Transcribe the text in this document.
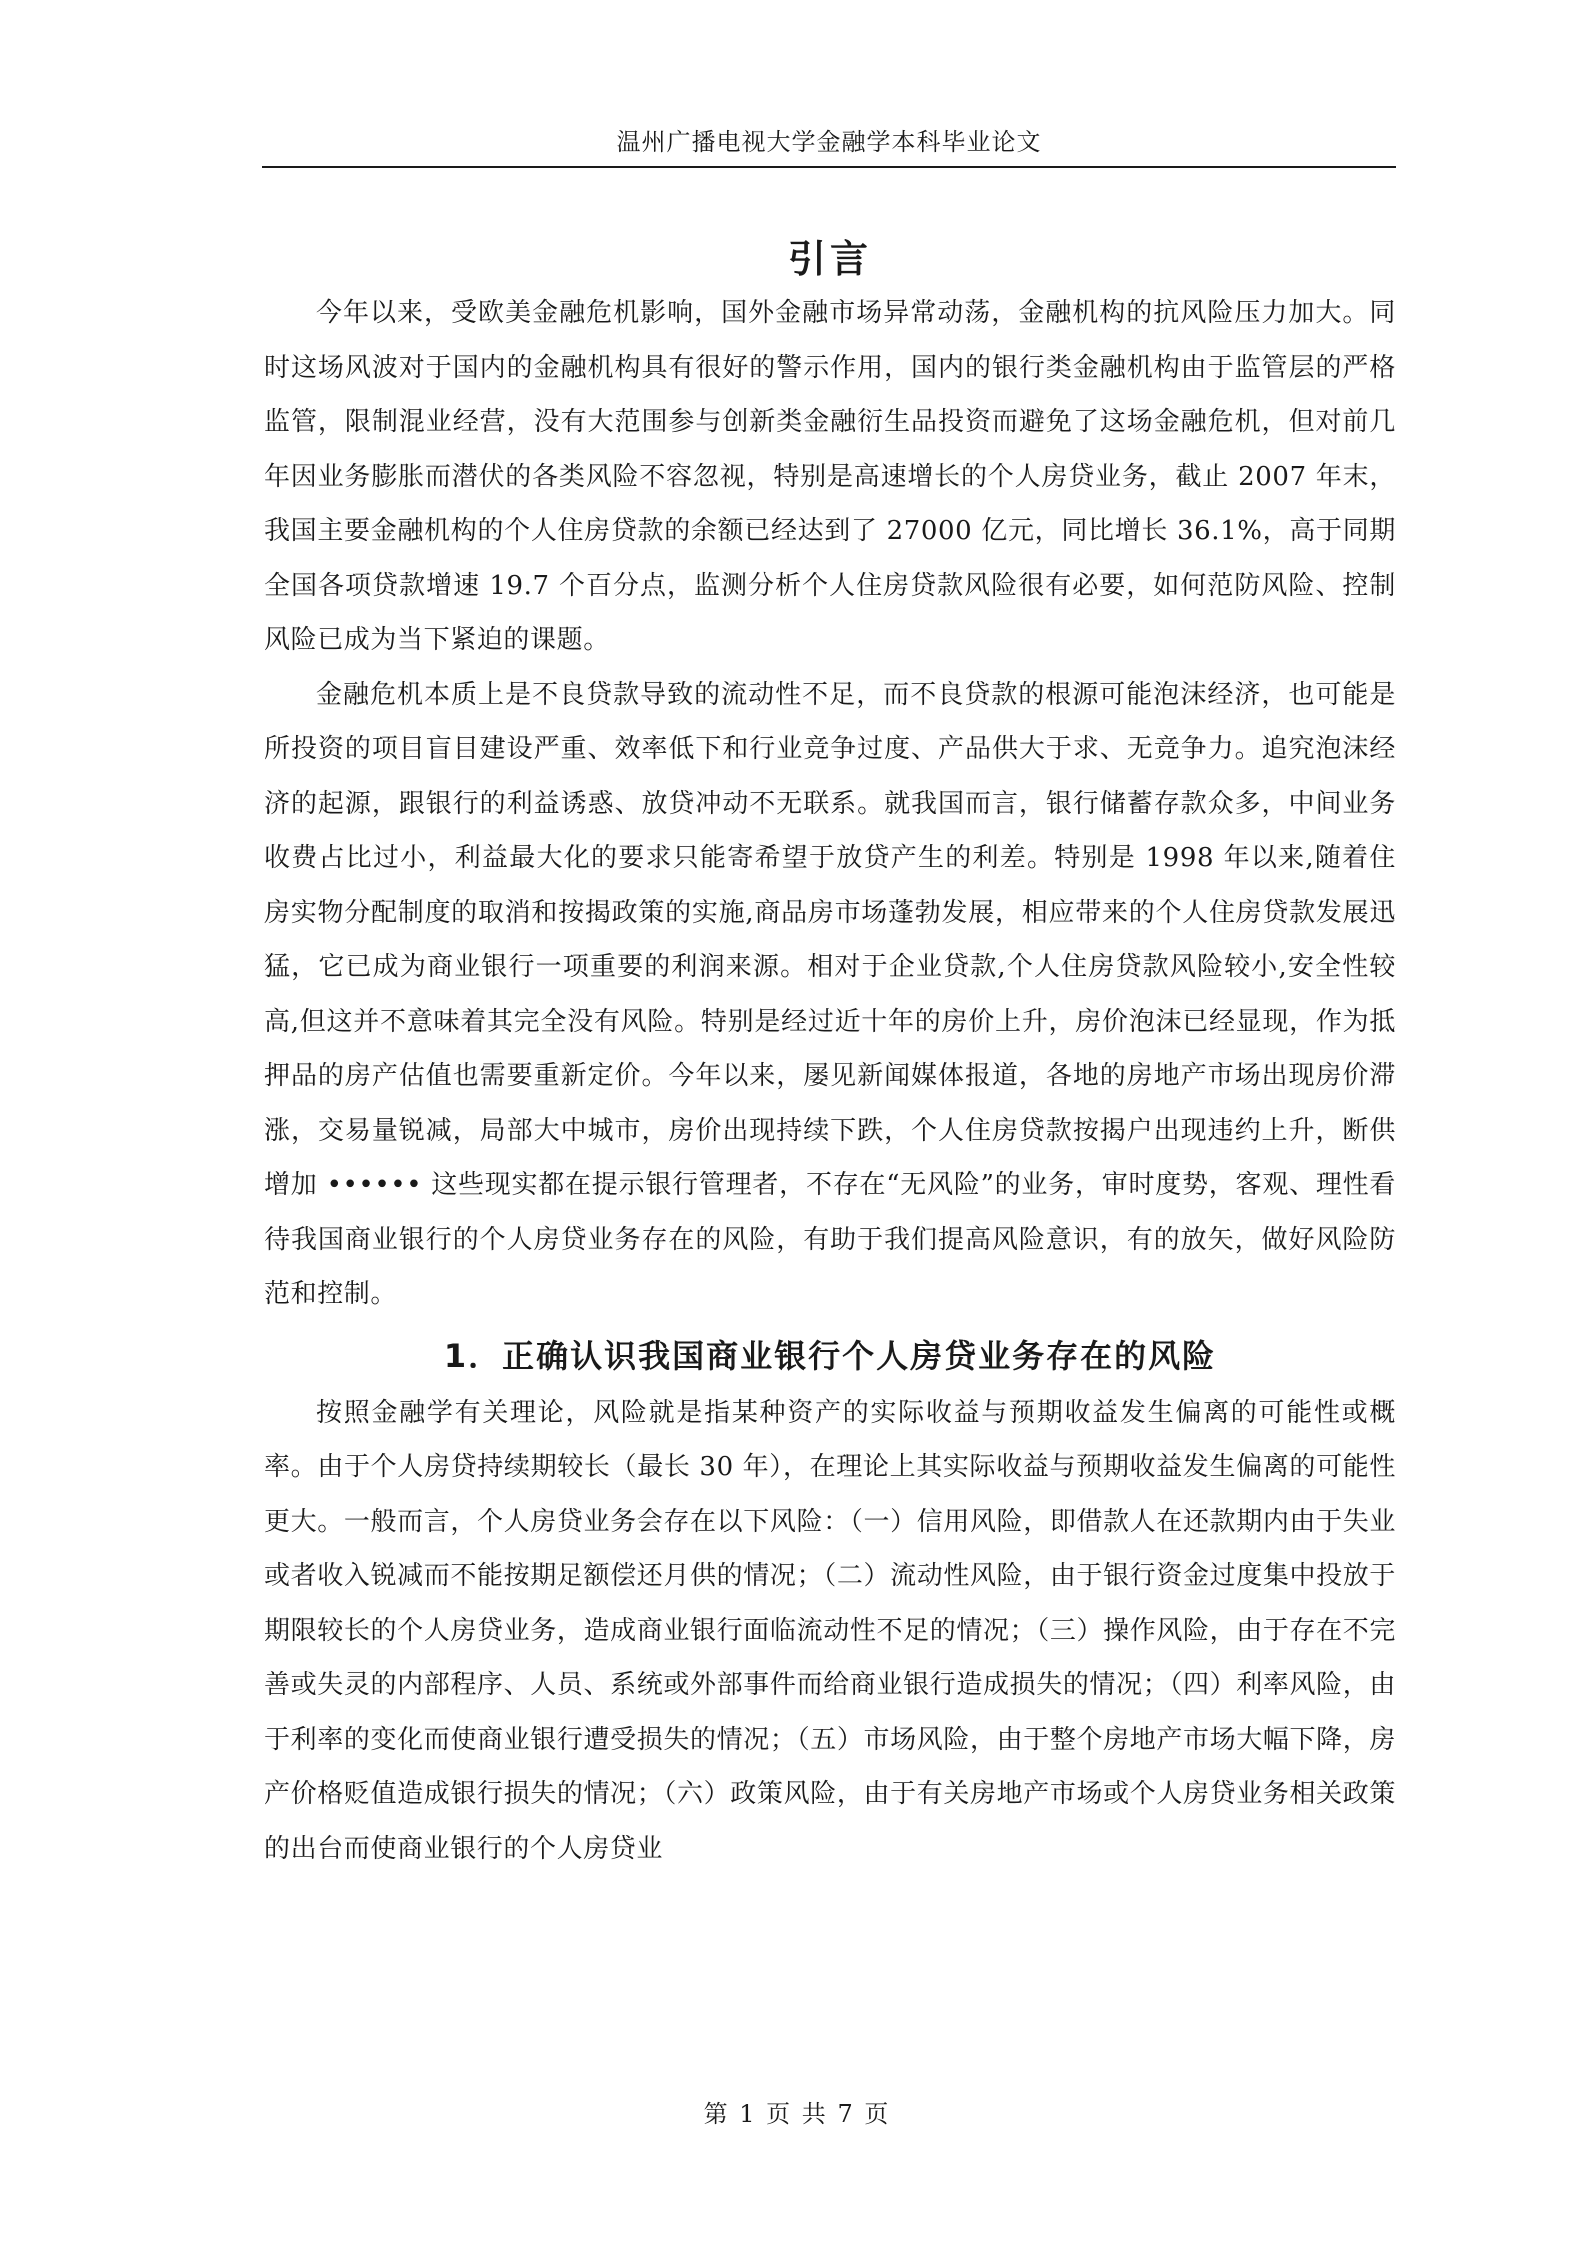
温州广播电视大学金融学本科毕业论文
引言

今年以来，受欧美金融危机影响，国外金融市场异常动荡，金融机构的抗风险压力加大。同时这场风波对于国内的金融机构具有很好的警示作用，国内的银行类金融机构由于监管层的严格监管，限制混业经营，没有大范围参与创新类金融衍生品投资而避免了这场金融危机，但对前几年因业务膨胀而潜伏的各类风险不容忽视，特别是高速增长的个人房贷业务，截止 2007 年末，我国主要金融机构的个人住房贷款的余额已经达到了 27000 亿元，同比增长 36.1%，高于同期全国各项贷款增速 19.7 个百分点，监测分析个人住房贷款风险很有必要，如何范防风险、控制风险已成为当下紧迫的课题。

金融危机本质上是不良贷款导致的流动性不足，而不良贷款的根源可能泡沫经济，也可能是所投资的项目盲目建设严重、效率低下和行业竞争过度、产品供大于求、无竞争力。追究泡沫经济的起源，跟银行的利益诱惑、放贷冲动不无联系。就我国而言，银行储蓄存款众多，中间业务收费占比过小，利益最大化的要求只能寄希望于放贷产生的利差。特别是 1998 年以来,随着住房实物分配制度的取消和按揭政策的实施,商品房市场蓬勃发展，相应带来的个人住房贷款发展迅猛，它已成为商业银行一项重要的利润来源。相对于企业贷款,个人住房贷款风险较小,安全性较高,但这并不意味着其完全没有风险。特别是经过近十年的房价上升，房价泡沫已经显现，作为抵押品的房产估值也需要重新定价。今年以来，屡见新闻媒体报道，各地的房地产市场出现房价滞涨，交易量锐减，局部大中城市，房价出现持续下跌，个人住房贷款按揭户出现违约上升，断供增加 •••••• 这些现实都在提示银行管理者，不存在“无风险”的业务，审时度势，客观、理性看待我国商业银行的个人房贷业务存在的风险，有助于我们提高风险意识，有的放矢，做好风险防范和控制。

1．正确认识我国商业银行个人房贷业务存在的风险

按照金融学有关理论，风险就是指某种资产的实际收益与预期收益发生偏离的可能性或概率。由于个人房贷持续期较长（最长 30 年），在理论上其实际收益与预期收益发生偏离的可能性更大。一般而言，个人房贷业务会存在以下风险：（一）信用风险，即借款人在还款期内由于失业或者收入锐减而不能按期足额偿还月供的情况；（二）流动性风险，由于银行资金过度集中投放于期限较长的个人房贷业务，造成商业银行面临流动性不足的情况；（三）操作风险，由于存在不完善或失灵的内部程序、人员、系统或外部事件而给商业银行造成损失的情况；（四）利率风险，由于利率的变化而使商业银行遭受损失的情况；（五）市场风险，由于整个房地产市场大幅下降，房产价格贬值造成银行损失的情况；（六）政策风险，由于有关房地产市场或个人房贷业务相关政策的出台而使商业银行的个人房贷业

第 1 页 共 7 页
